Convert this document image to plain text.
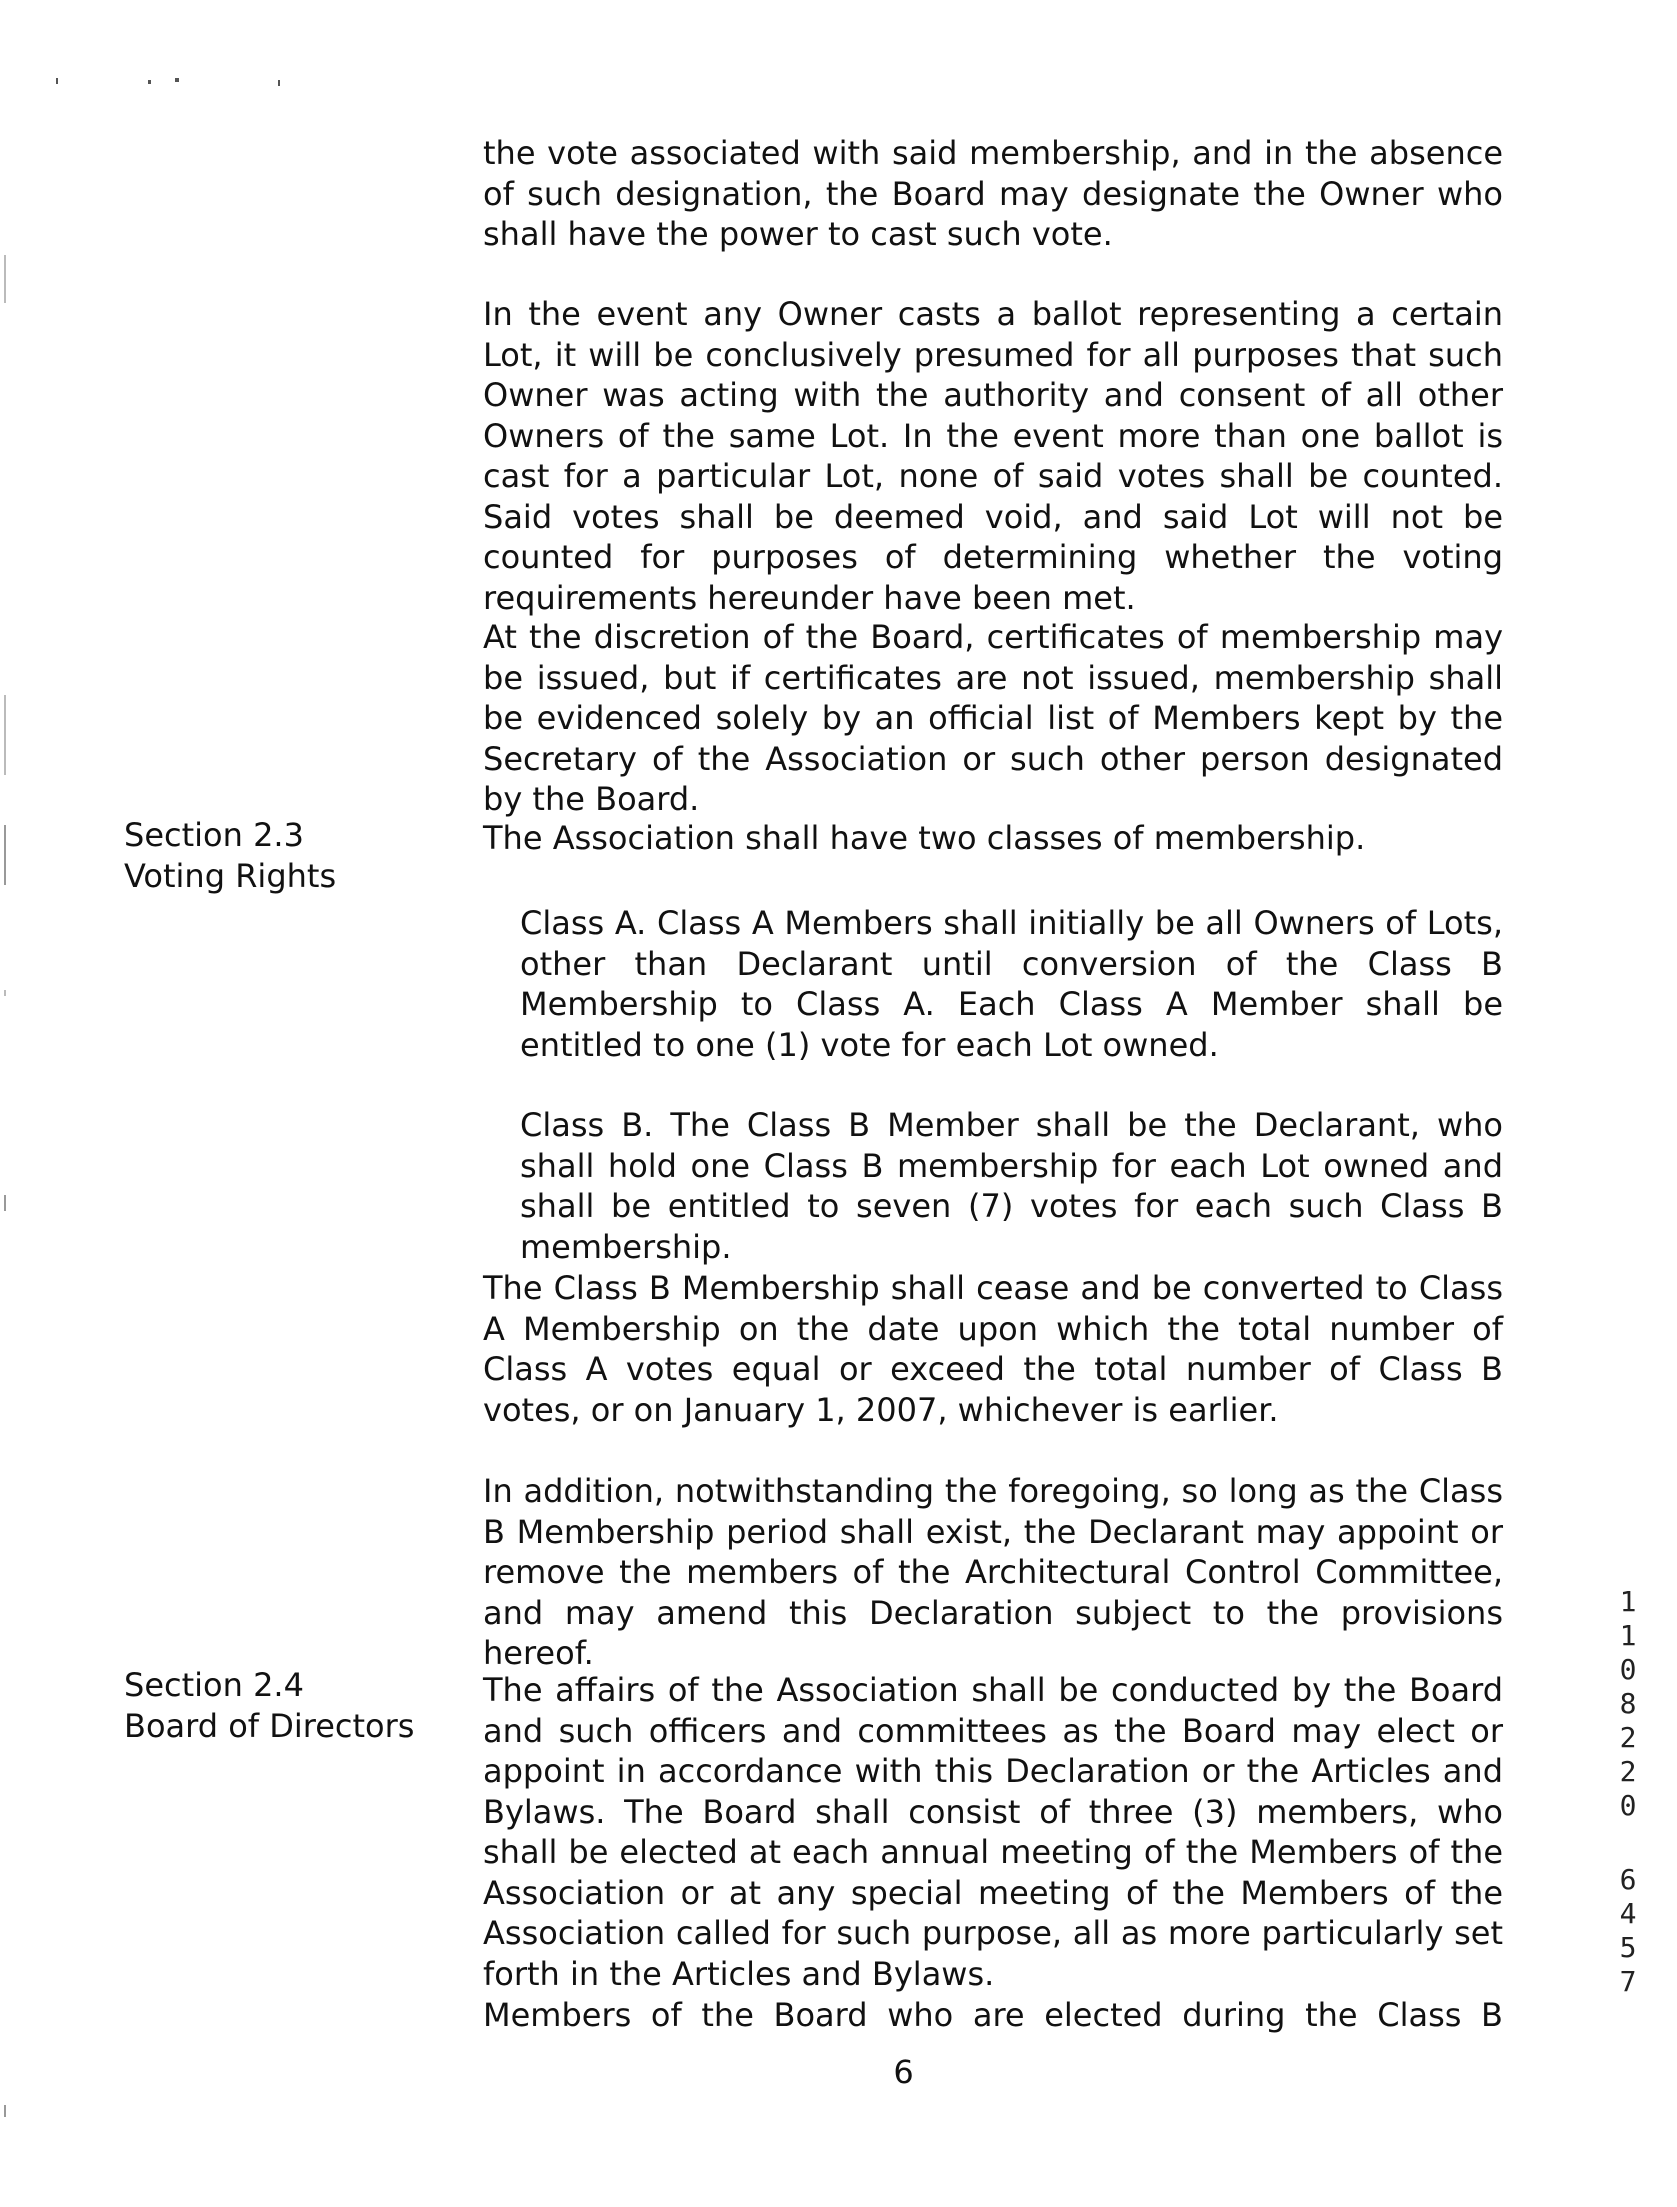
the vote associated with said membership, and in the absence of such designation, the Board may designate the Owner who shall have the power to cast such vote.

In the event any Owner casts a ballot representing a certain Lot, it will be conclusively presumed for all purposes that such Owner was acting with the authority and consent of all other Owners of the same Lot. In the event more than one ballot is cast for a particular Lot, none of said votes shall be counted. Said votes shall be deemed void, and said Lot will not be counted for purposes of determining whether the voting requirements hereunder have been met.

At the discretion of the Board, certificates of membership may be issued, but if certificates are not issued, membership shall be evidenced solely by an official list of Members kept by the Secretary of the Association or such other person designated by the Board.

Section 2.3
Voting Rights

The Association shall have two classes of membership.

Class A. Class A Members shall initially be all Owners of Lots, other than Declarant until conversion of the Class B Membership to Class A. Each Class A Member shall be entitled to one (1) vote for each Lot owned.

Class B. The Class B Member shall be the Declarant, who shall hold one Class B membership for each Lot owned and shall be entitled to seven (7) votes for each such Class B membership.

The Class B Membership shall cease and be converted to Class A Membership on the date upon which the total number of Class A votes equal or exceed the total number of Class B votes, or on January 1, 2007, whichever is earlier.

In addition, notwithstanding the foregoing, so long as the Class B Membership period shall exist, the Declarant may appoint or remove the members of the Architectural Control Committee, and may amend this Declaration subject to the provisions hereof.

Section 2.4
Board of Directors

The affairs of the Association shall be conducted by the Board and such officers and committees as the Board may elect or appoint in accordance with this Declaration or the Articles and Bylaws. The Board shall consist of three (3) members, who shall be elected at each annual meeting of the Members of the Association or at any special meeting of the Members of the Association called for such purpose, all as more particularly set forth in the Articles and Bylaws.

Members of the Board who are elected during the Class B

6
1108220
6457
